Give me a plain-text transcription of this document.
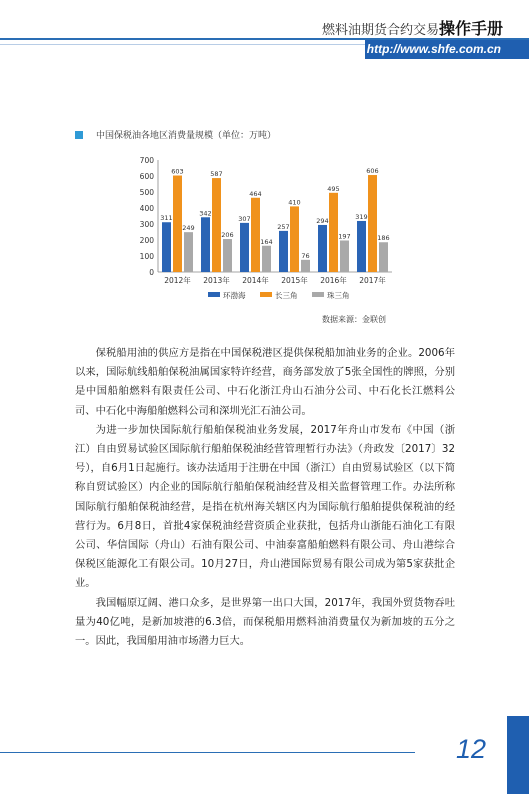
燃料油期货合约交易操作手册
http://www.shfe.com.cn
中国保税油各地区消费量规模（单位：万吨）
0
100
200
300
400
500
600
700
311
603
249
2012年
342
587
206
2013年
307
464
164
2014年
257
410
76
2015年
294
495
197
2016年
319
606
186
2017年
环渤海	长三角	珠三角
数据来源：金联创

保税船用油的供应方是指在中国保税港区提供保税船加油业务的企业。2006年以来，国际航线船舶保税油属国家特许经营，商务部发放了5张全国性的牌照，分别是中国船舶燃料有限责任公司、中石化浙江舟山石油分公司、中石化长江燃料公司、中石化中海船舶燃料公司和深圳光汇石油公司。

为进一步加快国际航行船舶保税油业务发展，2017年舟山市发布《中国（浙江）自由贸易试验区国际航行船舶保税油经营管理暂行办法》（舟政发〔2017〕32号），自6月1日起施行。该办法适用于注册在中国（浙江）自由贸易试验区（以下简称自贸试验区）内企业的国际航行船舶保税油经营及相关监督管理工作。办法所称国际航行船舶保税油经营，是指在杭州海关辖区内为国际航行船舶提供保税油的经营行为。6月8日，首批4家保税油经营资质企业获批，包括舟山浙能石油化工有限公司、华信国际（舟山）石油有限公司、中油泰富船舶燃料有限公司、舟山港综合保税区能源化工有限公司。10月27日，舟山港国际贸易有限公司成为第5家获批企业。

我国幅原辽阔、港口众多，是世界第一出口大国，2017年，我国外贸货物吞吐量为40亿吨，是新加坡港的6.3倍，而保税船用燃料油消费量仅为新加坡的五分之一。因此，我国船用油市场潜力巨大。

12
